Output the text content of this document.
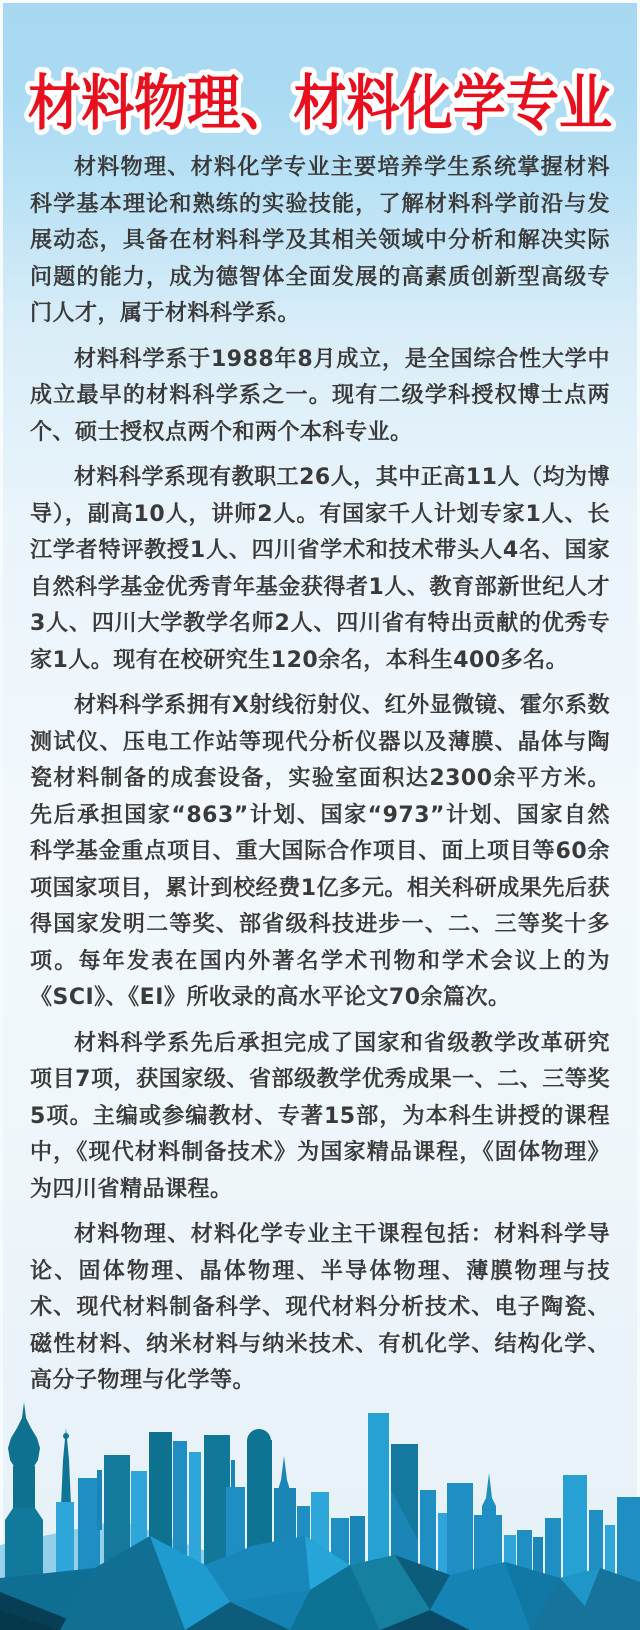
材料物理、材料化学专业

材料物理、材料化学专业主要培养学生系统掌握材料科学基本理论和熟练的实验技能，了解材料科学前沿与发展动态，具备在材料科学及其相关领域中分析和解决实际问题的能力，成为德智体全面发展的高素质创新型高级专门人才，属于材料科学系。

材料科学系于1988年8月成立，是全国综合性大学中成立最早的材料科学系之一。现有二级学科授权博士点两个、硕士授权点两个和两个本科专业。

材料科学系现有教职工26人，其中正高11人（均为博导），副高10人，讲师2人。有国家千人计划专家1人、长江学者特评教授1人、四川省学术和技术带头人4名、国家自然科学基金优秀青年基金获得者1人、教育部新世纪人才3人、四川大学教学名师2人、四川省有特出贡献的优秀专家1人。现有在校研究生120余名，本科生400多名。

材料科学系拥有X射线衍射仪、红外显微镜、霍尔系数测试仪、压电工作站等现代分析仪器以及薄膜、晶体与陶瓷材料制备的成套设备，实验室面积达2300余平方米。先后承担国家“863”计划、国家“973”计划、国家自然科学基金重点项目、重大国际合作项目、面上项目等60余项国家项目，累计到校经费1亿多元。相关科研成果先后获得国家发明二等奖、部省级科技进步一、二、三等奖十多项。每年发表在国内外著名学术刊物和学术会议上的为《SCI》、《EI》所收录的高水平论文70余篇次。

材料科学系先后承担完成了国家和省级教学改革研究项目7项，获国家级、省部级教学优秀成果一、二、三等奖5项。主编或参编教材、专著15部，为本科生讲授的课程中，《现代材料制备技术》为国家精品课程，《固体物理》为四川省精品课程。

材料物理、材料化学专业主干课程包括：材料科学导论、固体物理、晶体物理、半导体物理、薄膜物理与技术、现代材料制备科学、现代材料分析技术、电子陶瓷、磁性材料、纳米材料与纳米技术、有机化学、结构化学、高分子物理与化学等。
